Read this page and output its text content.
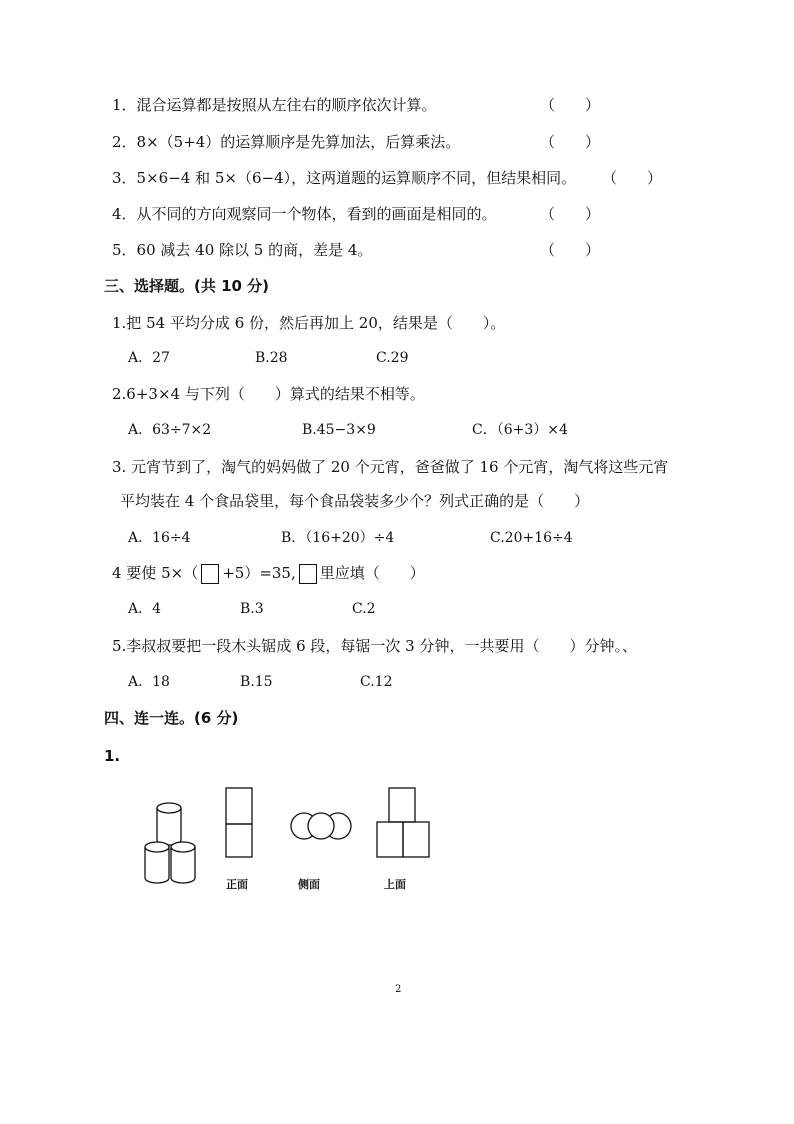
1．混合运算都是按照从左往右的顺序依次计算。	（　　）
2．8×（5+4）的运算顺序是先算加法，后算乘法。	（　　）
3．5×6−4 和 5×（6−4），这两道题的运算顺序不同，但结果相同。 （　　）
4．从不同的方向观察同一个物体，看到的画面是相同的。	（　　）
5．60 减去 40 除以 5 的商，差是 4。	（　　）
三、选择题。(共 10 分)
1.把 54 平均分成 6 份，然后再加上 20，结果是（　　）。
A．27	B.28	C.29
2.6+3×4 与下列（　　）算式的结果不相等。
A．63÷7×2	B.45−3×9	C．（6+3）×4
3. 元宵节到了，淘气的妈妈做了 20 个元宵，爸爸做了 16 个元宵，淘气将这些元宵
平均装在 4 个食品袋里，每个食品袋装多少个？列式正确的是（　　）
A．16÷4	B．（16+20）÷4	C.20+16÷4
4 要使 5×（ +5）=35, 里应填（　　）
A．4	B.3	C.2
5.李叔叔要把一段木头锯成 6 段，每锯一次 3 分钟，一共要用（　　）分钟。、
A．18	B.15	C.12
四、连一连。(6 分)
1.
正面	侧面	上面
2
